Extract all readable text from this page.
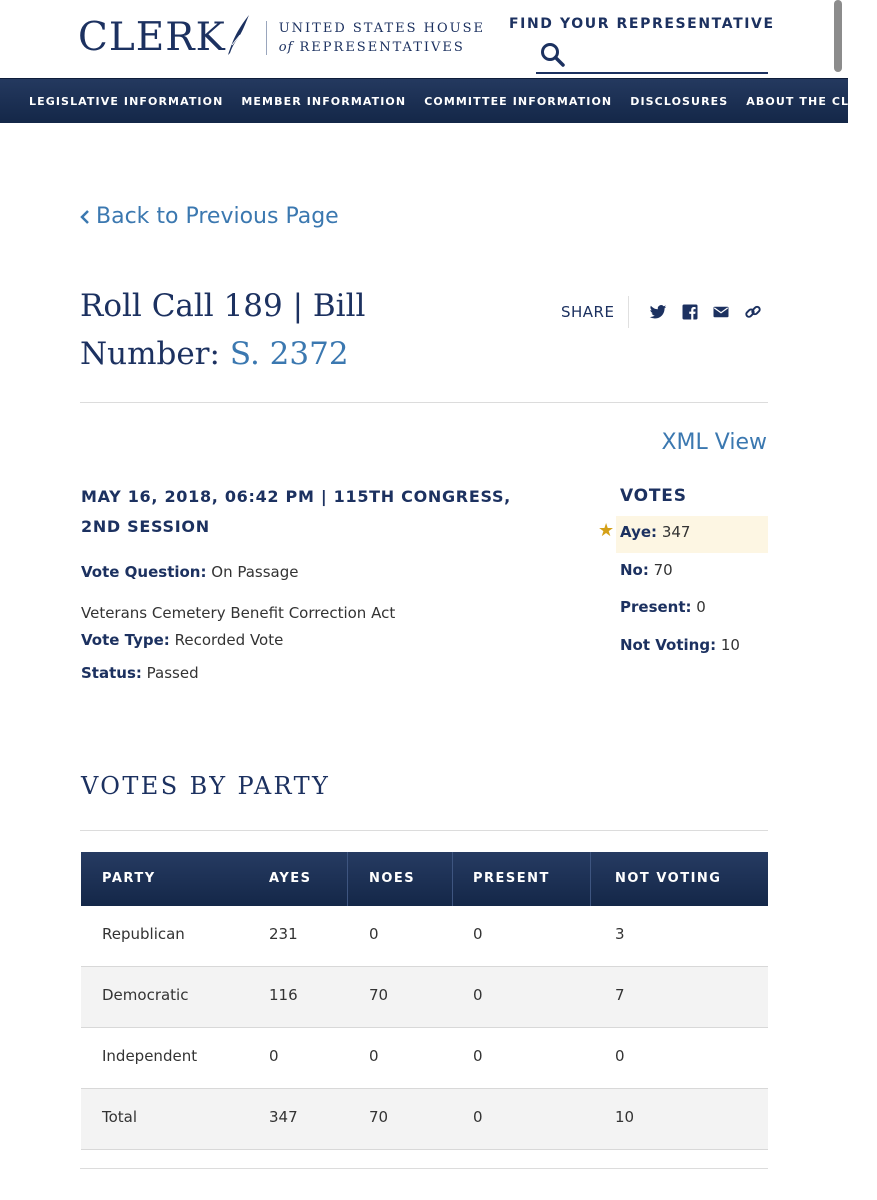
CLERK	UNITED STATES HOUSE
of REPRESENTATIVES
FIND YOUR REPRESENTATIVE
LEGISLATIVE INFORMATION MEMBER INFORMATION COMMITTEE INFORMATION DISCLOSURES ABOUT THE CLERK
Back to Previous Page
Roll Call 189 | Bill Number: S. 2372
SHARE
XML View
MAY 16, 2018, 06:42 PM | 115TH CONGRESS, 2ND SESSION
Vote Question: On Passage
Veterans Cemetery Benefit Correction Act
Vote Type: Recorded Vote
Status: Passed
VOTES
★ Aye: 347
No: 70
Present: 0
Not Voting: 10
VOTES BY PARTY
PARTY	AYES	NOES	PRESENT	NOT VOTING
Republican	231	0	0	3
Democratic	116	70	0	7
Independent	0	0	0	0
Total	347	70	0	10
